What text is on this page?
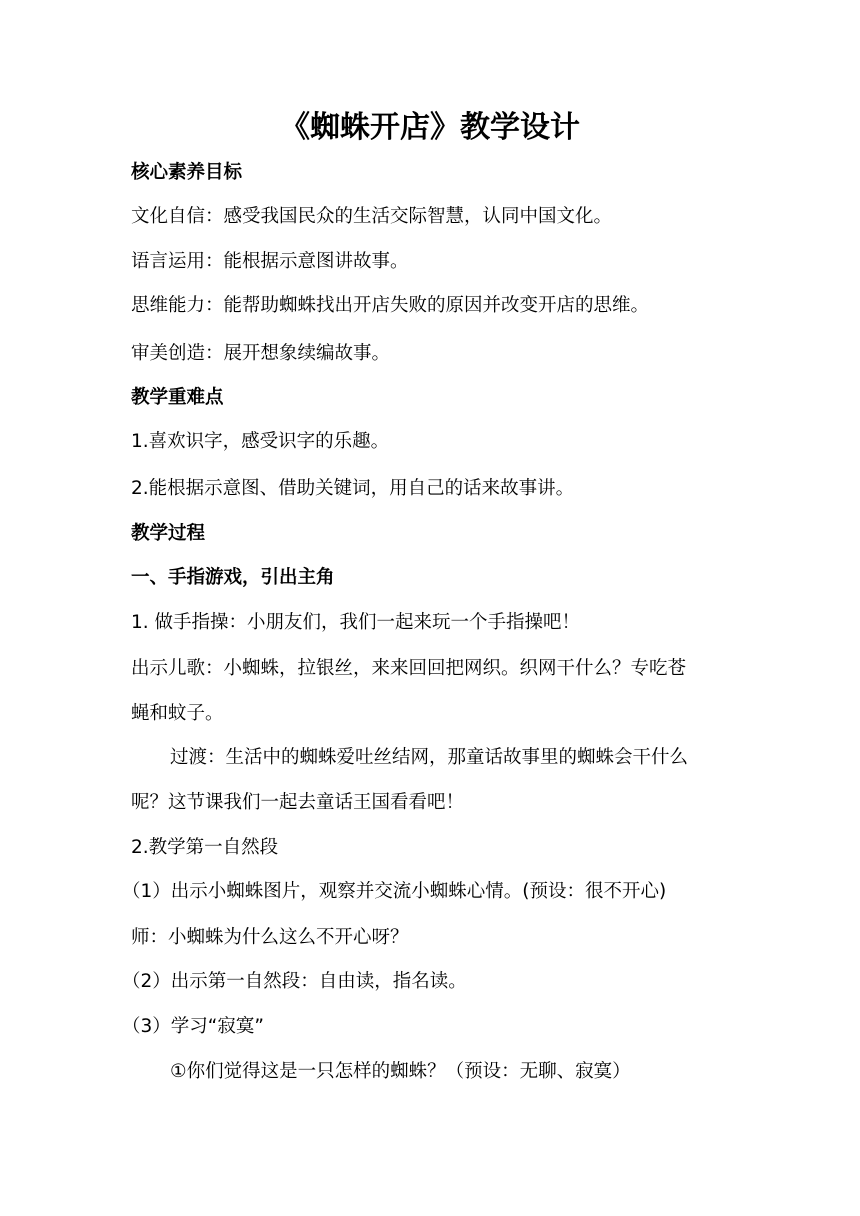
《蜘蛛开店》教学设计
核心素养目标
文化自信：感受我国民众的生活交际智慧，认同中国文化。
语言运用：能根据示意图讲故事。
思维能力：能帮助蜘蛛找出开店失败的原因并改变开店的思维。
审美创造：展开想象续编故事。
教学重难点
1.喜欢识字，感受识字的乐趣。
2.能根据示意图、借助关键词，用自己的话来故事讲。
教学过程
一、手指游戏，引出主角
1. 做手指操：小朋友们，我们一起来玩一个手指操吧！
出示儿歌：小蜘蛛，拉银丝，来来回回把网织。织网干什么？专吃苍
蝇和蚊子。
过渡：生活中的蜘蛛爱吐丝结网，那童话故事里的蜘蛛会干什么
呢？这节课我们一起去童话王国看看吧！
2.教学第一自然段
（1）出示小蜘蛛图片，观察并交流小蜘蛛心情。(预设：很不开心)
师：小蜘蛛为什么这么不开心呀？
（2）出示第一自然段：自由读，指名读。
（3）学习“寂寞”
①你们觉得这是一只怎样的蜘蛛？（预设：无聊、寂寞）
